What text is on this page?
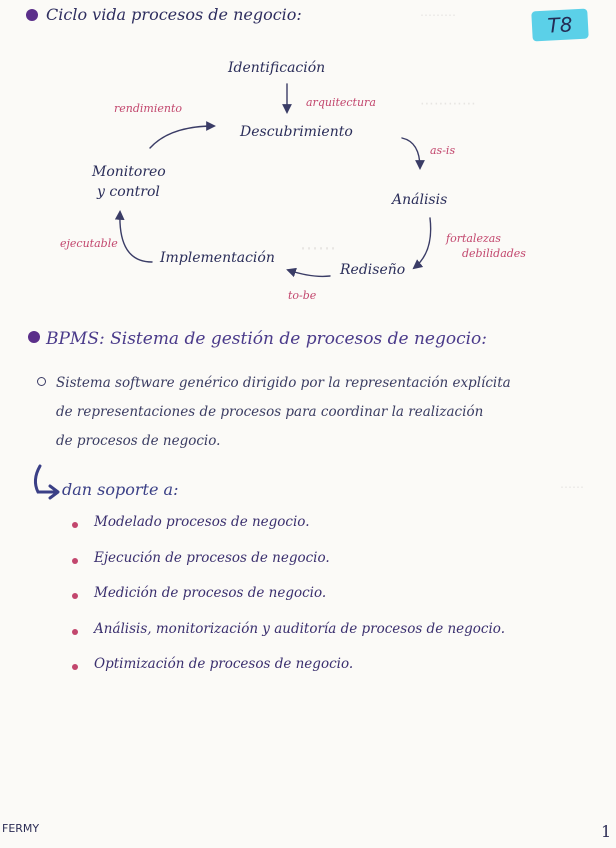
⋯⋯⋯
⋯⋯⋯⋯
⋯⋯
⋯⋯
Ciclo vida procesos de negocio:	T8
Identificación
Descubrimiento
Análisis
Rediseño
Implementación
Monitoreo
y control
arquitectura
as-is
fortalezas
debilidades
to-be
ejecutable
rendimiento
BPMS: Sistema de gestión de procesos de negocio:
Sistema software genérico dirigido por la representación explícita
de representaciones de procesos para coordinar la realización
de procesos de negocio.
dan soporte a:
Modelado procesos de negocio.
Ejecución de procesos de negocio.
Medición de procesos de negocio.
Análisis, monitorización y auditoría de procesos de negocio.
Optimización de procesos de negocio.
FERMY	1
